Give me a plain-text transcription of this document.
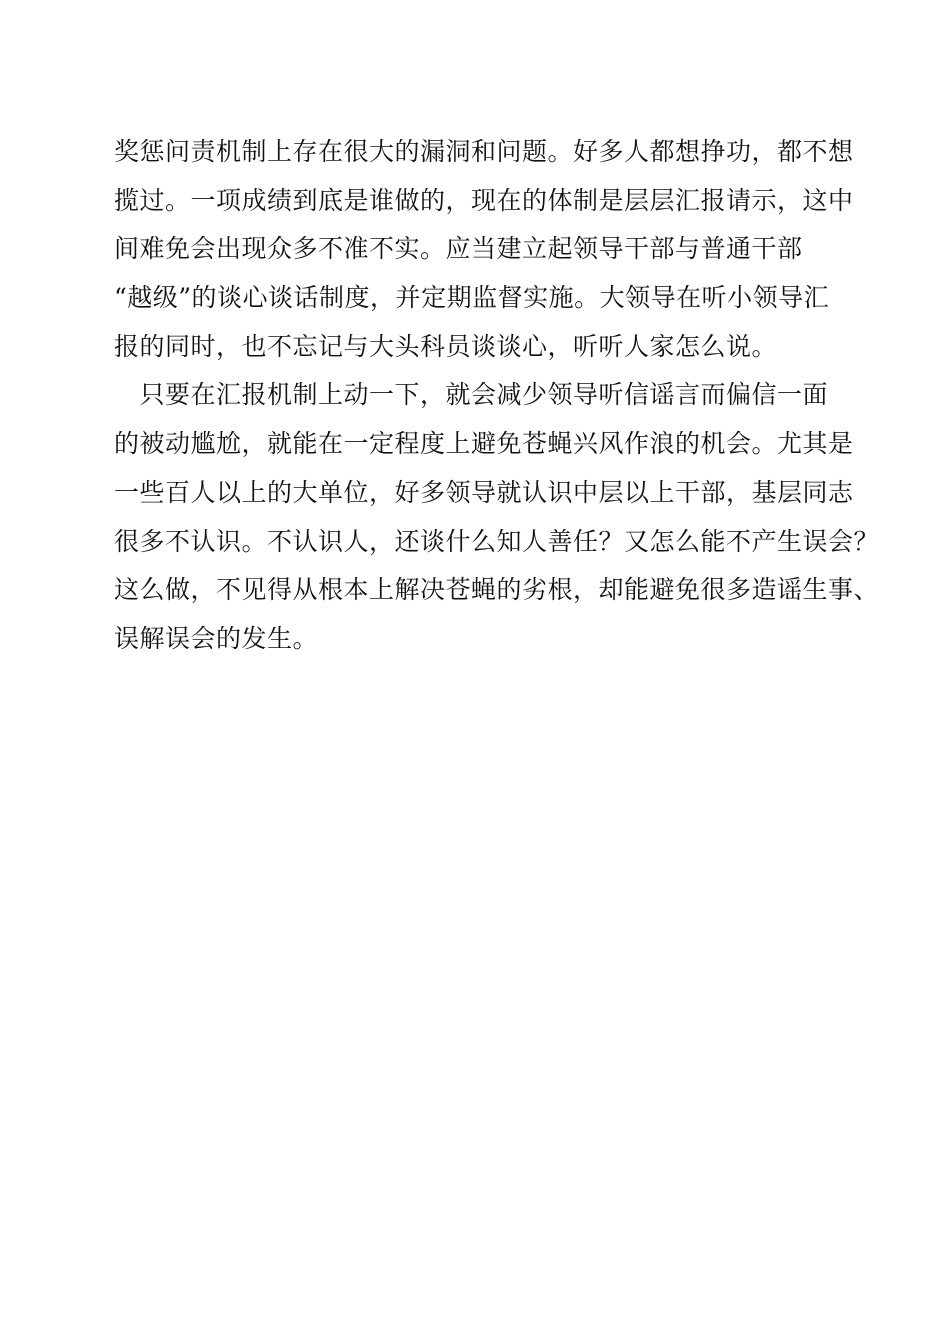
奖惩问责机制上存在很大的漏洞和问题。好多人都想挣功，都不想
揽过。一项成绩到底是谁做的，现在的体制是层层汇报请示，这中
间难免会出现众多不准不实。应当建立起领导干部与普通干部
“越级”的谈心谈话制度，并定期监督实施。大领导在听小领导汇
报的同时，也不忘记与大头科员谈谈心，听听人家怎么说。
　只要在汇报机制上动一下，就会减少领导听信谣言而偏信一面
的被动尴尬，就能在一定程度上避免苍蝇兴风作浪的机会。尤其是
一些百人以上的大单位，好多领导就认识中层以上干部，基层同志
很多不认识。不认识人，还谈什么知人善任？又怎么能不产生误会？
这么做，不见得从根本上解决苍蝇的劣根，却能避免很多造谣生事、
误解误会的发生。
